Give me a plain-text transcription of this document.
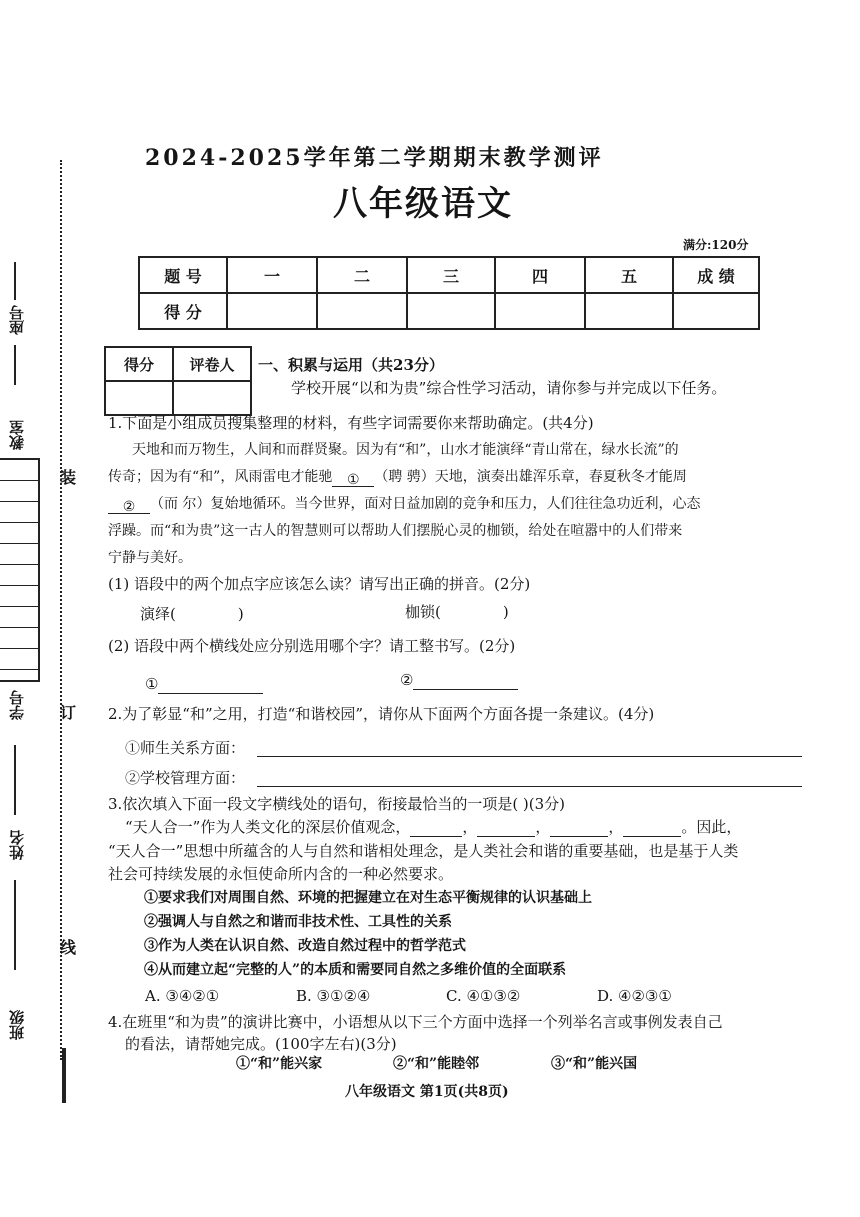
装
订
线
座号
教室
学号
姓名
班级
2024-2025学年第二学期期末教学测评
八年级语文
满分:120分
题 号	一	二	三	四	五	成 绩
得 分						
得分	评卷人
	一、积累与运用（共23分）
学校开展“以和为贵”综合性学习活动，请你参与并完成以下任务。
1.下面是小组成员搜集整理的材料，有些字词需要你来帮助确定。(共4分)
天地和而万物生，人间和而群贤聚。因为有“和”，山水才能演绎“青山常在，绿水长流”的
传奇；因为有“和”，风雨雷电才能驰 ① （聘 骋）天地，演奏出雄浑乐章，春夏秋冬才能周
② （而 尔）复始地循环。当今世界，面对日益加剧的竞争和压力，人们往往急功近利，心态
浮躁。而“和为贵”这一古人的智慧则可以帮助人们摆脱心灵的枷锁，给处在喧嚣中的人们带来
宁静与美好。
(1) 语段中的两个加点字应该怎么读？请写出正确的拼音。(2分)
演绎(	)	枷锁(	)
(2) 语段中两个横线处应分别选用哪个字？请工整书写。(2分)
①	②
2.为了彰显“和”之用，打造“和谐校园”，请你从下面两个方面各提一条建议。(4分)
①师生关系方面：
②学校管理方面：
3.依次填入下面一段文字横线处的语句，衔接最恰当的一项是( )(3分)
“天人合一”作为人类文化的深层价值观念，	，	，	，	。因此，
“天人合一”思想中所蕴含的人与自然和谐相处理念，是人类社会和谐的重要基础，也是基于人类
社会可持续发展的永恒使命所内含的一种必然要求。
①要求我们对周围自然、环境的把握建立在对生态平衡规律的认识基础上
②强调人与自然之和谐而非技术性、工具性的关系
③作为人类在认识自然、改造自然过程中的哲学范式
④从而建立起“完整的人”的本质和需要同自然之多维价值的全面联系
A. ③④②①	B. ③①②④	C. ④①③②	D. ④②③①
4.在班里“和为贵”的演讲比赛中，小语想从以下三个方面中选择一个列举名言或事例发表自己
的看法，请帮她完成。(100字左右)(3分)
①“和”能兴家	②“和”能睦邻	③“和”能兴国
八年级语文 第1页(共8页)
